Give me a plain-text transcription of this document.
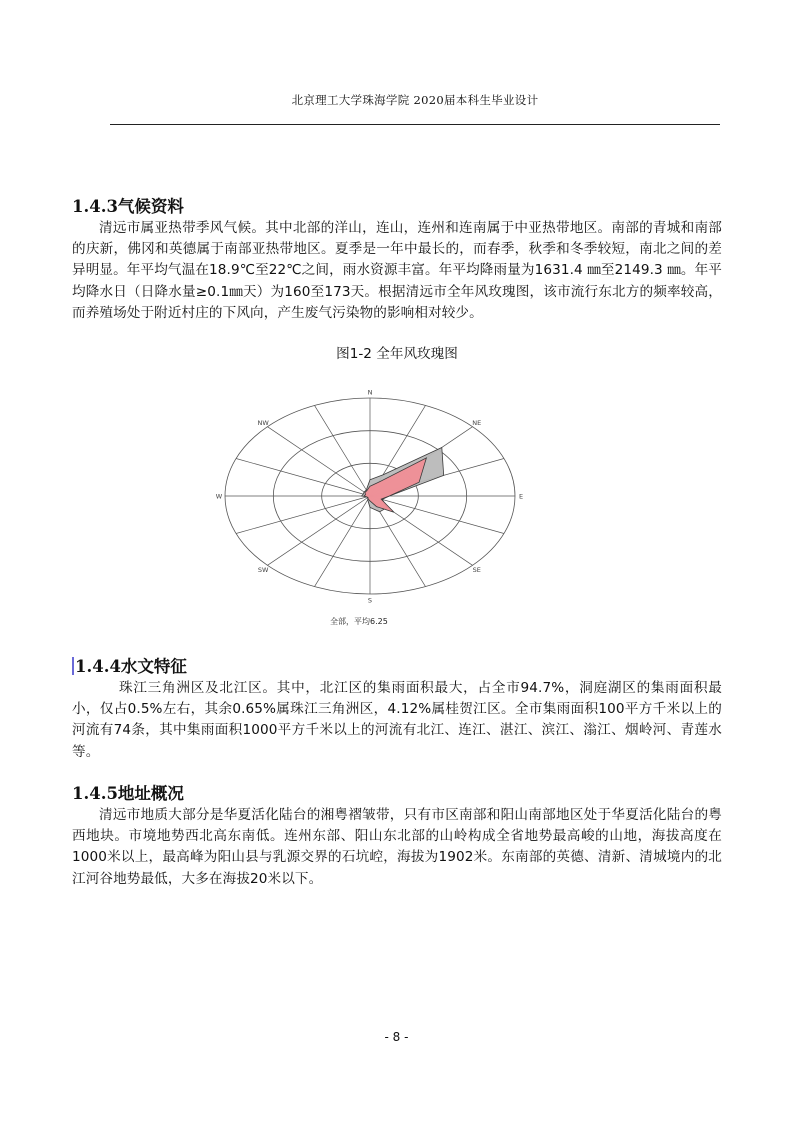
北京理工大学珠海学院 2020届本科生毕业设计
1.4.3气候资料

清远市属亚热带季风气候。其中北部的洋山，连山，连州和连南属于中亚热带地区。南部的青城和南部的庆新，佛冈和英德属于南部亚热带地区。夏季是一年中最长的，而春季，秋季和冬季较短，南北之间的差异明显。年平均气温在18.9℃至22℃之间，雨水资源丰富。年平均降雨量为1631.4 ㎜至2149.3 ㎜。年平均降水日（日降水量≥0.1㎜天）为160至173天。根据清远市全年风玫瑰图，该市流行东北方的频率较高，而养殖场处于附近村庄的下风向，产生废气污染物的影响相对较少。

图1-2 全年风玫瑰图
N
NE
E
SE
S
SW
W
NW
全部，平均6.25
1.4.4水文特征

珠江三角洲区及北江区。其中，北江区的集雨面积最大，占全市94.7%，洞庭湖区的集雨面积最小，仅占0.5%左右，其余0.65%属珠江三角洲区，4.12%属桂贺江区。全市集雨面积100平方千米以上的河流有74条，其中集雨面积1000平方千米以上的河流有北江、连江、湛江、滨江、滃江、烟岭河、青莲水等。

1.4.5地址概况

清远市地质大部分是华夏活化陆台的湘粤褶皱带，只有市区南部和阳山南部地区处于华夏活化陆台的粤西地块。市境地势西北高东南低。连州东部、阳山东北部的山岭构成全省地势最高峻的山地，海拔高度在1000米以上，最高峰为阳山县与乳源交界的石坑崆，海拔为1902米。东南部的英德、清新、清城境内的北江河谷地势最低，大多在海拔20米以下。

- 8 -
